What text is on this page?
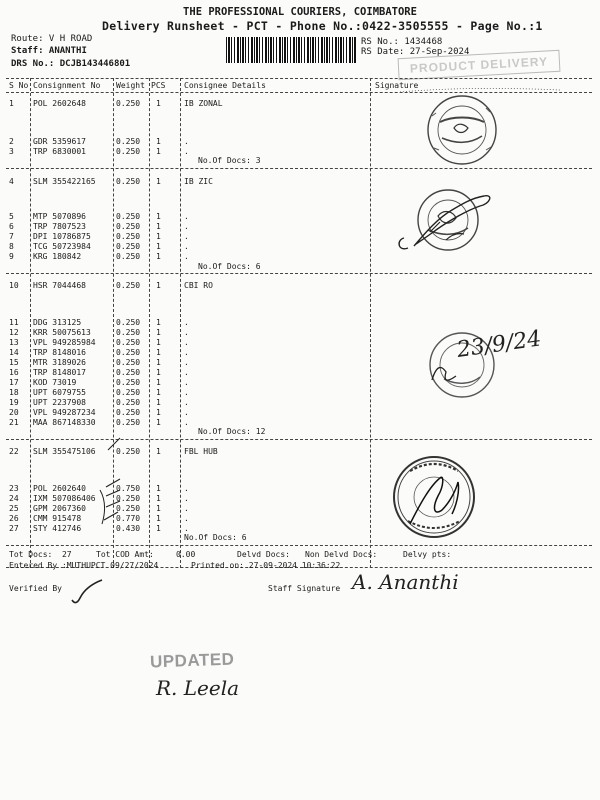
THE PROFESSIONAL COURIERS, COIMBATORE
Delivery Runsheet - PCT - Phone No.:0422-3505555 - Page No.:1
Route: V H ROAD
Staff: ANANTHI
DRS No.: DCJB143446801
RS No.: 1434468
RS Date: 27-Sep-2024
PRODUCT DELIVERY
S No Consignment No Weight PCS Consignee Details	Signature
1 POL 2602648	0.250 1	IB ZONAL
2 GDR 5359617	0.250 1	.
3 TRP 6830001	0.250 1	.
No.Of Docs: 3
4 SLM 355422165	0.250 1	IB ZIC
5 MTP 5070896	0.250 1	.
6 TRP 7807523	0.250 1	.
7 DPI 10786875	0.250 1	.
8 TCG 50723984	0.250 1	.
9 KRG 180842	0.250 1	.
No.Of Docs: 6
10 HSR 7044468	0.250 1	CBI RO
11 DDG 313125	0.250 1	.
12 KRR 50075613	0.250 1	.
13 VPL 949285984	0.250 1	.
14 TRP 8148016	0.250 1	.
15 MTR 3189026	0.250 1	.
16 TRP 8148017	0.250 1	.
17 KOD 73019	0.250 1	.
18 UPT 6079755	0.250 1	.
19 UPT 2237908	0.250 1	.
20 VPL 949287234	0.250 1	.
21 MAA 867148330	0.250 1	.
No.Of Docs: 12
22 SLM 355475106	0.250 1	FBL HUB
23 POL 2602640	0.750 1	.
24 IXM 507086406	0.250 1	.
25 GPM 2067360	0.250 1	.
26 CMM 915478	0.770 1	.
27 STY 412746	0.430 1	.
No.Of Docs: 6
Tot Docs:  27	Tot COD Amt:	0.00	Delvd Docs: Non Delvd Docs:	Delvy pts:
Entered By :MUTHUPCT 09/27/2024	Printed on: 27-09-2024 10:36:22
Verified By	Staff Signature
23/9/24
A. Ananthi
UPDATED
R. Leela
